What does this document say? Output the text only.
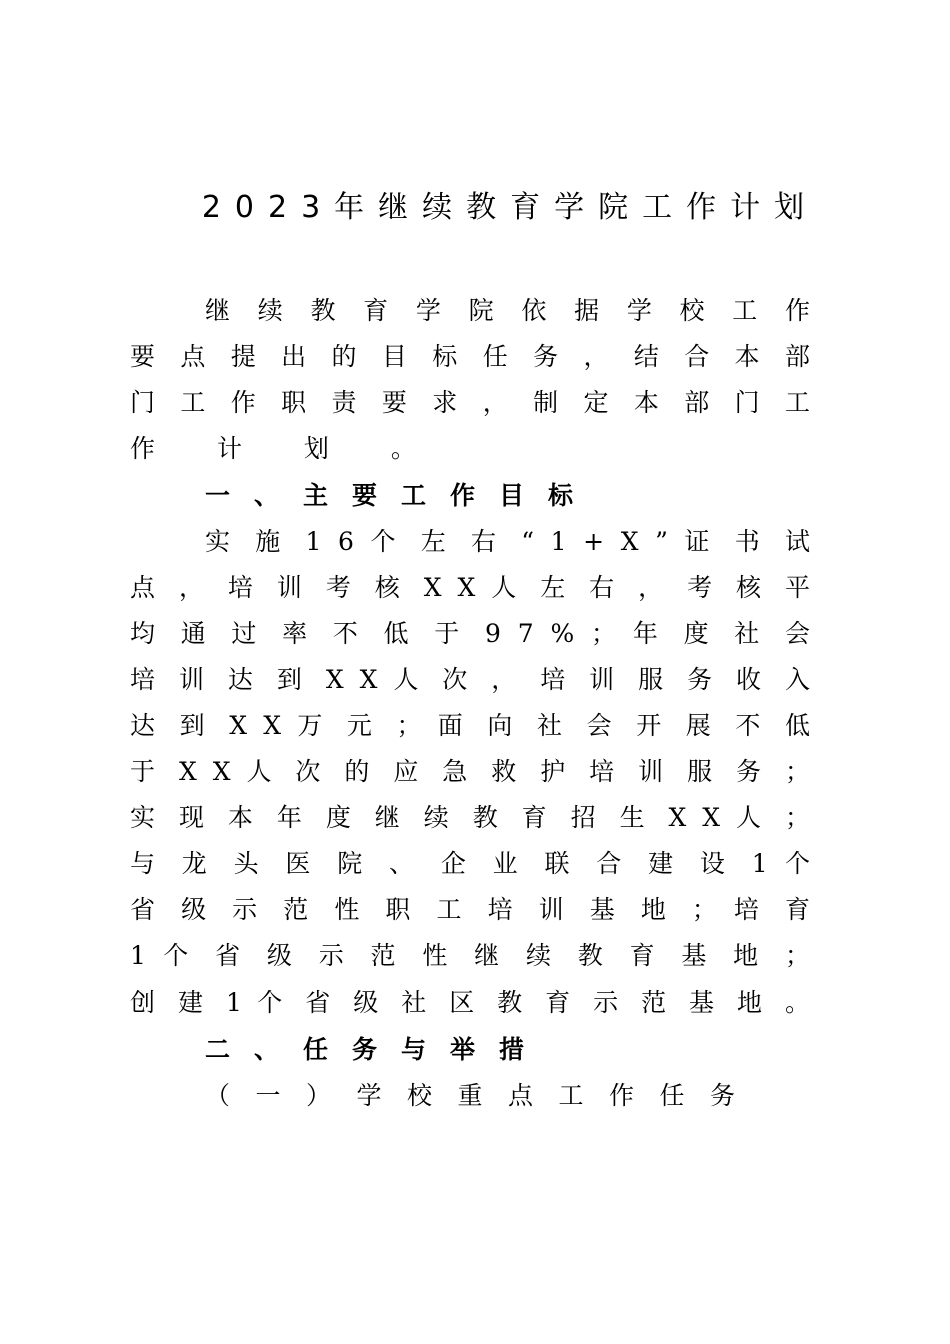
2023年继续教育学院工作计划
继​ 续​ 教​ 育​ 学​ 院​ 依​ 据​ 学​ 校​ 工​ 作
要​ 点​ 提​ 出​ 的​ 目​ 标​ 任​ 务​ ，​ 结​ 合​ 本​ 部
门​ 工​ 作​ 职​ 责​ 要​ 求​ ，​ 制​ 定​ 本​ 部​ 门​ 工
作​ 计​ 划​ 。
一、主要工作目标
实​ 施​ 1​ 6​ 个​ 左​ 右​ “​ 1​ +​ X​ ”​ 证​ 书​ 试
点​ ，​ 培​ 训​ 考​ 核​ X​ X​ 人​ 左​ 右​ ，​ 考​ 核​ 平
均​ 通​ 过​ 率​ 不​ 低​ 于​ 9​ 7​ %​ ；​ 年​ 度​ 社​ 会
培​ 训​ 达​ 到​ X​ X​ 人​ 次​ ，​ 培​ 训​ 服​ 务​ 收​ 入
达​ 到​ X​ X​ 万​ 元​ ；​ 面​ 向​ 社​ 会​ 开​ 展​ 不​ 低
于​ X​ X​ 人​ 次​ 的​ 应​ 急​ 救​ 护​ 培​ 训​ 服​ 务​ ；
实​ 现​ 本​ 年​ 度​ 继​ 续​ 教​ 育​ 招​ 生​ X​ X​ 人​ ；
与​ 龙​ 头​ 医​ 院​ 、​ 企​ 业​ 联​ 合​ 建​ 设​ 1​ 个
省​ 级​ 示​ 范​ 性​ 职​ 工​ 培​ 训​ 基​ 地​ ；​ 培​ 育
1​ 个​ 省​ 级​ 示​ 范​ 性​ 继​ 续​ 教​ 育​ 基​ 地​ ；
创​ 建​ 1​ 个​ 省​ 级​ 社​ 区​ 教​ 育​ 示​ 范​ 基​ 地​ 。
二、任务与举措
（​ 一​ ）​ 学​ 校​ 重​ 点​ 工​ 作​ 任​ 务
